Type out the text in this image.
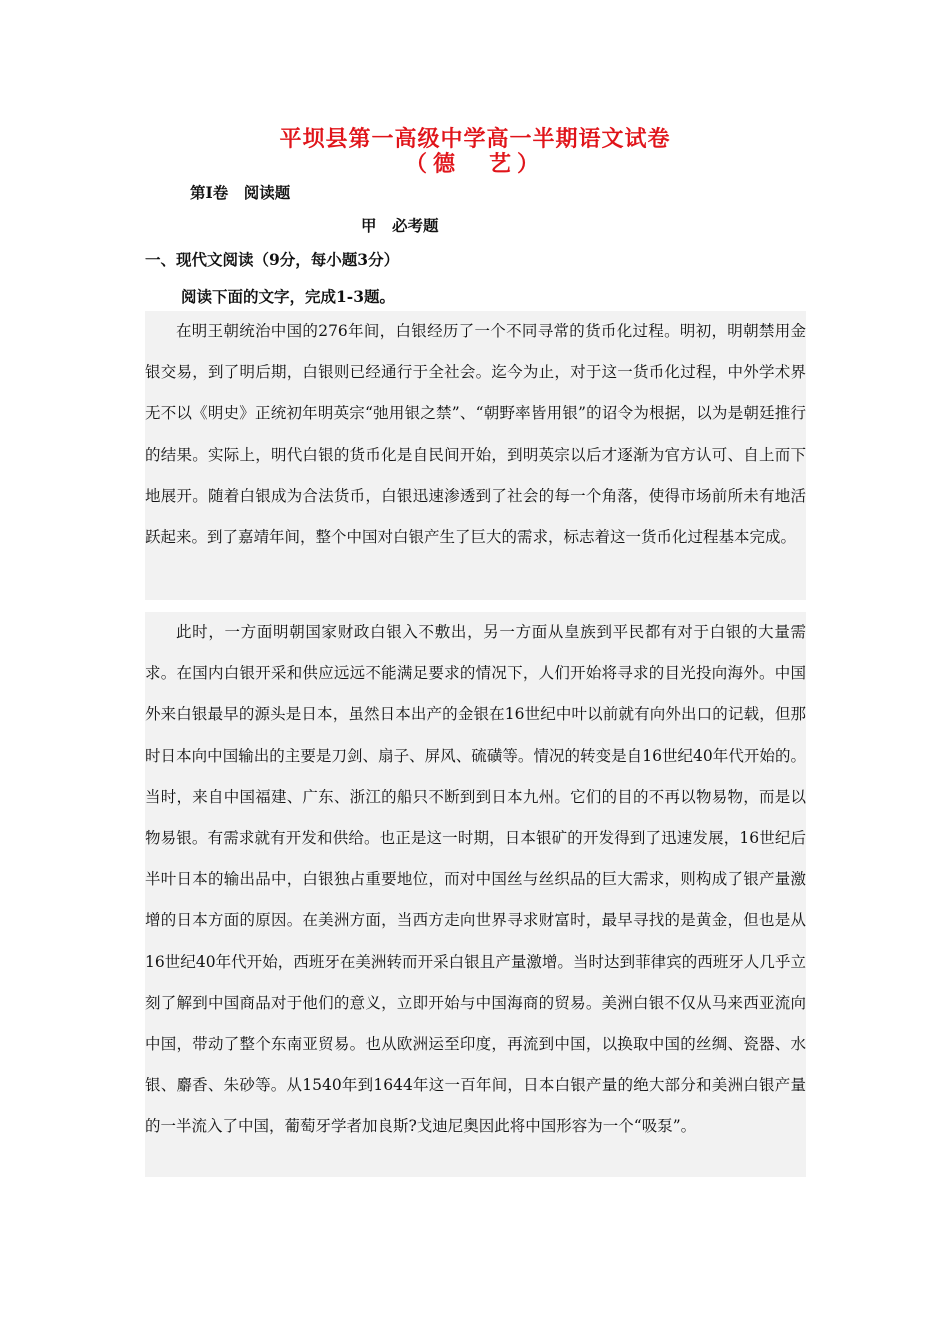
平坝县第一高级中学高一半期语文试卷
（德　艺）
第Ⅰ卷　阅读题
甲　必考题
一、现代文阅读（9分，每小题3分）
阅读下面的文字，完成1-3题。

在明王朝统治中国的276年间，白银经历了一个不同寻常的货币化过程。明初，明朝禁用金银交易，到了明后期，白银则已经通行于全社会。迄今为止，对于这一货币化过程，中外学术界无不以《明史》正统初年明英宗“弛用银之禁”、“朝野率皆用银”的诏令为根据，以为是朝廷推行的结果。实际上，明代白银的货币化是自民间开始，到明英宗以后才逐渐为官方认可、自上而下地展开。随着白银成为合法货币，白银迅速渗透到了社会的每一个角落，使得市场前所未有地活跃起来。到了嘉靖年间，整个中国对白银产生了巨大的需求，标志着这一货币化过程基本完成。

此时，一方面明朝国家财政白银入不敷出，另一方面从皇族到平民都有对于白银的大量需求。在国内白银开采和供应远远不能满足要求的情况下，人们开始将寻求的目光投向海外。中国外来白银最早的源头是日本，虽然日本出产的金银在16世纪中叶以前就有向外出口的记载，但那时日本向中国输出的主要是刀剑、扇子、屏风、硫磺等。情况的转变是自16世纪40年代开始的。当时，来自中国福建、广东、浙江的船只不断到到日本九州。它们的目的不再以物易物，而是以物易银。有需求就有开发和供给。也正是这一时期，日本银矿的开发得到了迅速发展，16世纪后半叶日本的输出品中，白银独占重要地位，而对中国丝与丝织品的巨大需求，则构成了银产量激增的日本方面的原因。在美洲方面，当西方走向世界寻求财富时，最早寻找的是黄金，但也是从16世纪40年代开始，西班牙在美洲转而开采白银且产量激增。当时达到菲律宾的西班牙人几乎立刻了解到中国商品对于他们的意义，立即开始与中国海商的贸易。美洲白银不仅从马来西亚流向中国，带动了整个东南亚贸易。也从欧洲运至印度，再流到中国，以换取中国的丝绸、瓷器、水银、麝香、朱砂等。从1540年到1644年这一百年间，日本白银产量的绝大部分和美洲白银产量的一半流入了中国，葡萄牙学者加良斯?戈迪尼奥因此将中国形容为一个“吸泵”。
